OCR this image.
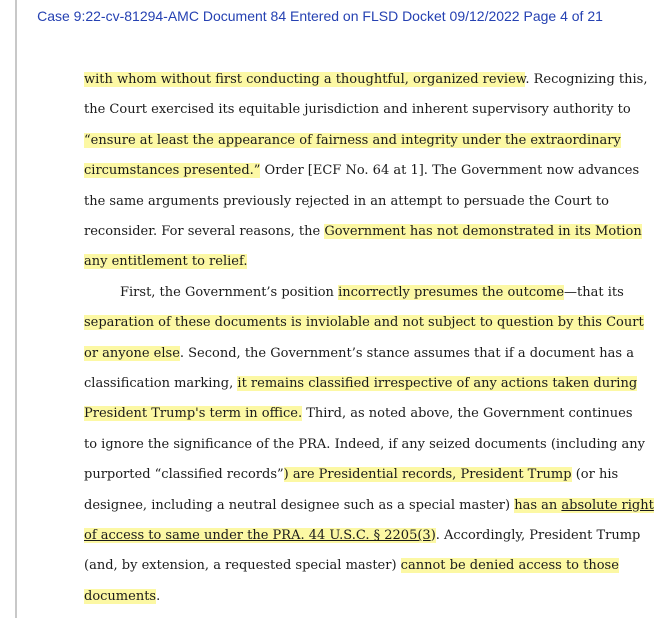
Case 9:22-cv-81294-AMC Document 84 Entered on FLSD Docket 09/12/2022 Page 4 of 21
with whom without first conducting a thoughtful, organized review. Recognizing this,
the Court exercised its equitable jurisdiction and inherent supervisory authority to
“ensure at least the appearance of fairness and integrity under the extraordinary
circumstances presented.” Order [ECF No. 64 at 1]. The Government now advances
the same arguments previously rejected in an attempt to persuade the Court to
reconsider. For several reasons, the Government has not demonstrated in its Motion
any entitlement to relief.
First, the Government’s position incorrectly presumes the outcome—that its
separation of these documents is inviolable and not subject to question by this Court
or anyone else. Second, the Government’s stance assumes that if a document has a
classification marking, it remains classified irrespective of any actions taken during
President Trump's term in office. Third, as noted above, the Government continues
to ignore the significance of the PRA. Indeed, if any seized documents (including any
purported “classified records”) are Presidential records, President Trump (or his
designee, including a neutral designee such as a special master) has an absolute right
of access to same under the PRA. 44 U.S.C. § 2205(3). Accordingly, President Trump
(and, by extension, a requested special master) cannot be denied access to those
documents.
